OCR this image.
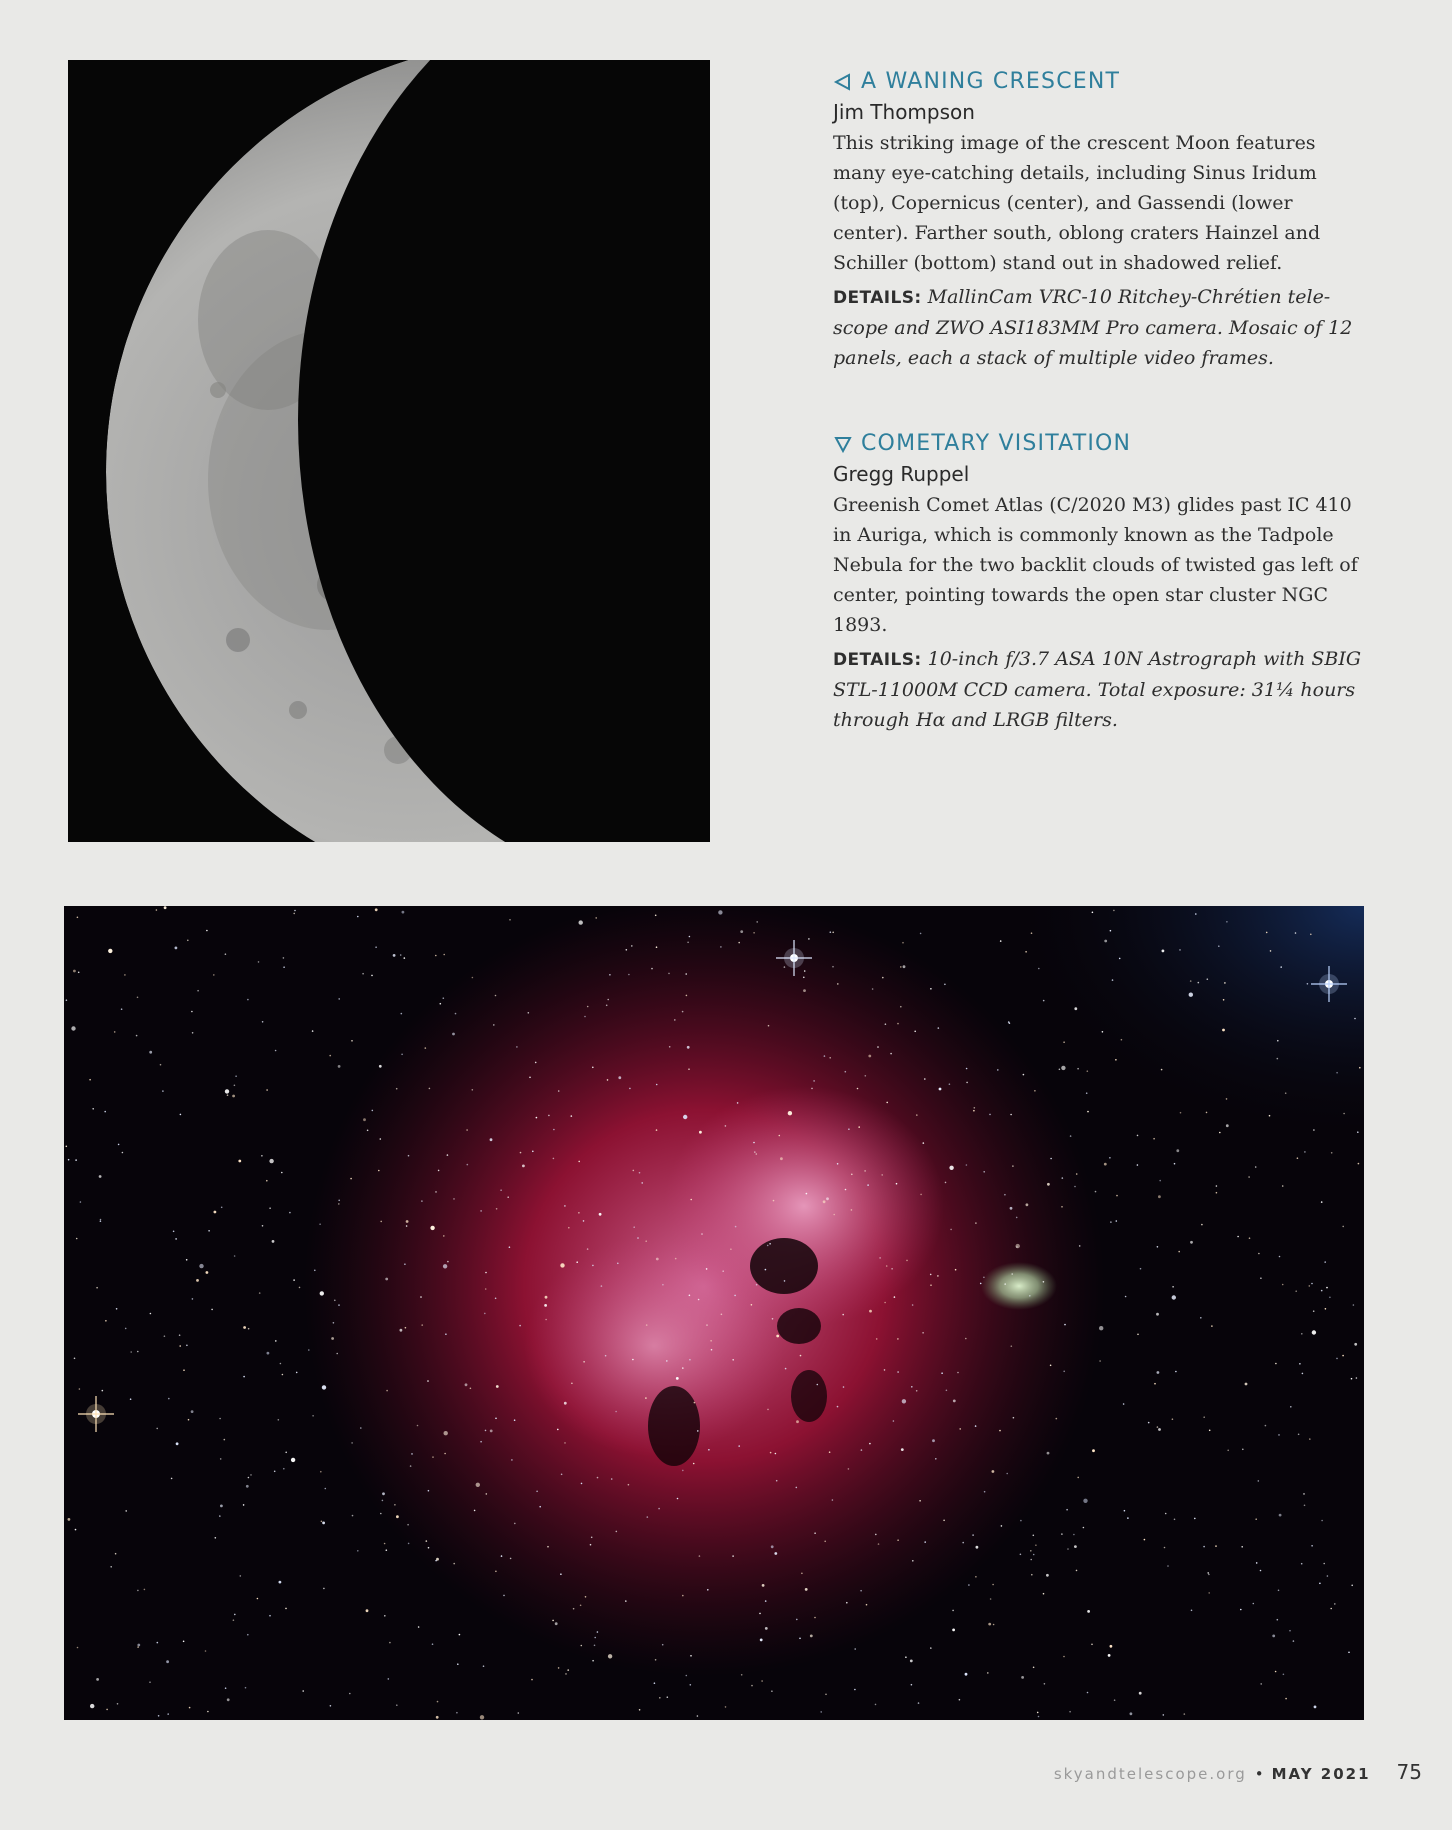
A WANING CRESCENT

Jim Thompson

This striking image of the crescent Moon features many eye-catching details, including Sinus Iridum (top), Copernicus (center), and Gassendi (lower center). Farther south, oblong craters Hainzel and Schiller (bottom) stand out in shadowed relief.

DETAILS: MallinCam VRC-10 Ritchey-Chrétien tele-scope and ZWO ASI183MM Pro camera. Mosaic of 12 panels, each a stack of multiple video frames.

COMETARY VISITATION

Gregg Ruppel

Greenish Comet Atlas (C/2020 M3) glides past IC 410 in Auriga, which is commonly known as the Tadpole Nebula for the two backlit clouds of twisted gas left of center, pointing towards the open star cluster NGC 1893.

DETAILS: 10-inch f/3.7 ASA 10N Astrograph with SBIG STL-11000M CCD camera. Total exposure: 31¼ hours through Hα and LRGB filters.

skyandtelescope.org • MAY 2021 75
